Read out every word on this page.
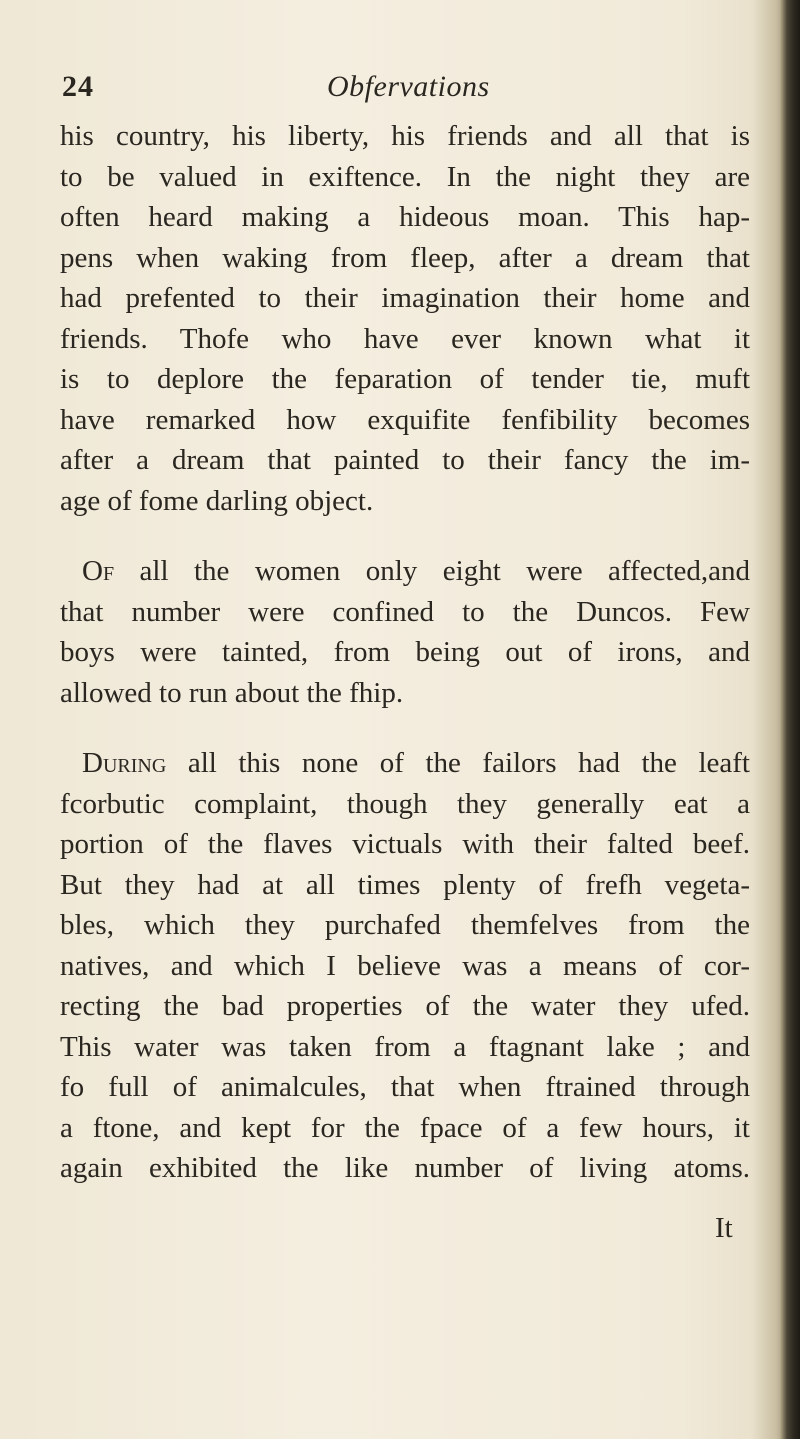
24	Obfervations
his country, his liberty, his friends and all that is
to be valued in exiftence. In the night they are
often heard making a hideous moan. This hap-
pens when waking from fleep, after a dream that
had prefented to their imagination their home and
friends. Thofe who have ever known what it
is to deplore the feparation of tender tie, muft
have remarked how exquifite fenfibility becomes
after a dream that painted to their fancy the im-
age of fome darling object.
Of all the women only eight were affected,and
that number were confined to the Duncos. Few
boys were tainted, from being out of irons, and
allowed to run about the fhip.
During all this none of the failors had the leaft
fcorbutic complaint, though they generally eat a
portion of the flaves victuals with their falted beef.
But they had at all times plenty of frefh vegeta-
bles, which they purchafed themfelves from the
natives, and which I believe was a means of cor-
recting the bad properties of the water they ufed.
This water was taken from a ftagnant lake ; and
fo full of animalcules, that when ftrained through
a ftone, and kept for the fpace of a few hours, it
again exhibited the like number of living atoms.
It
